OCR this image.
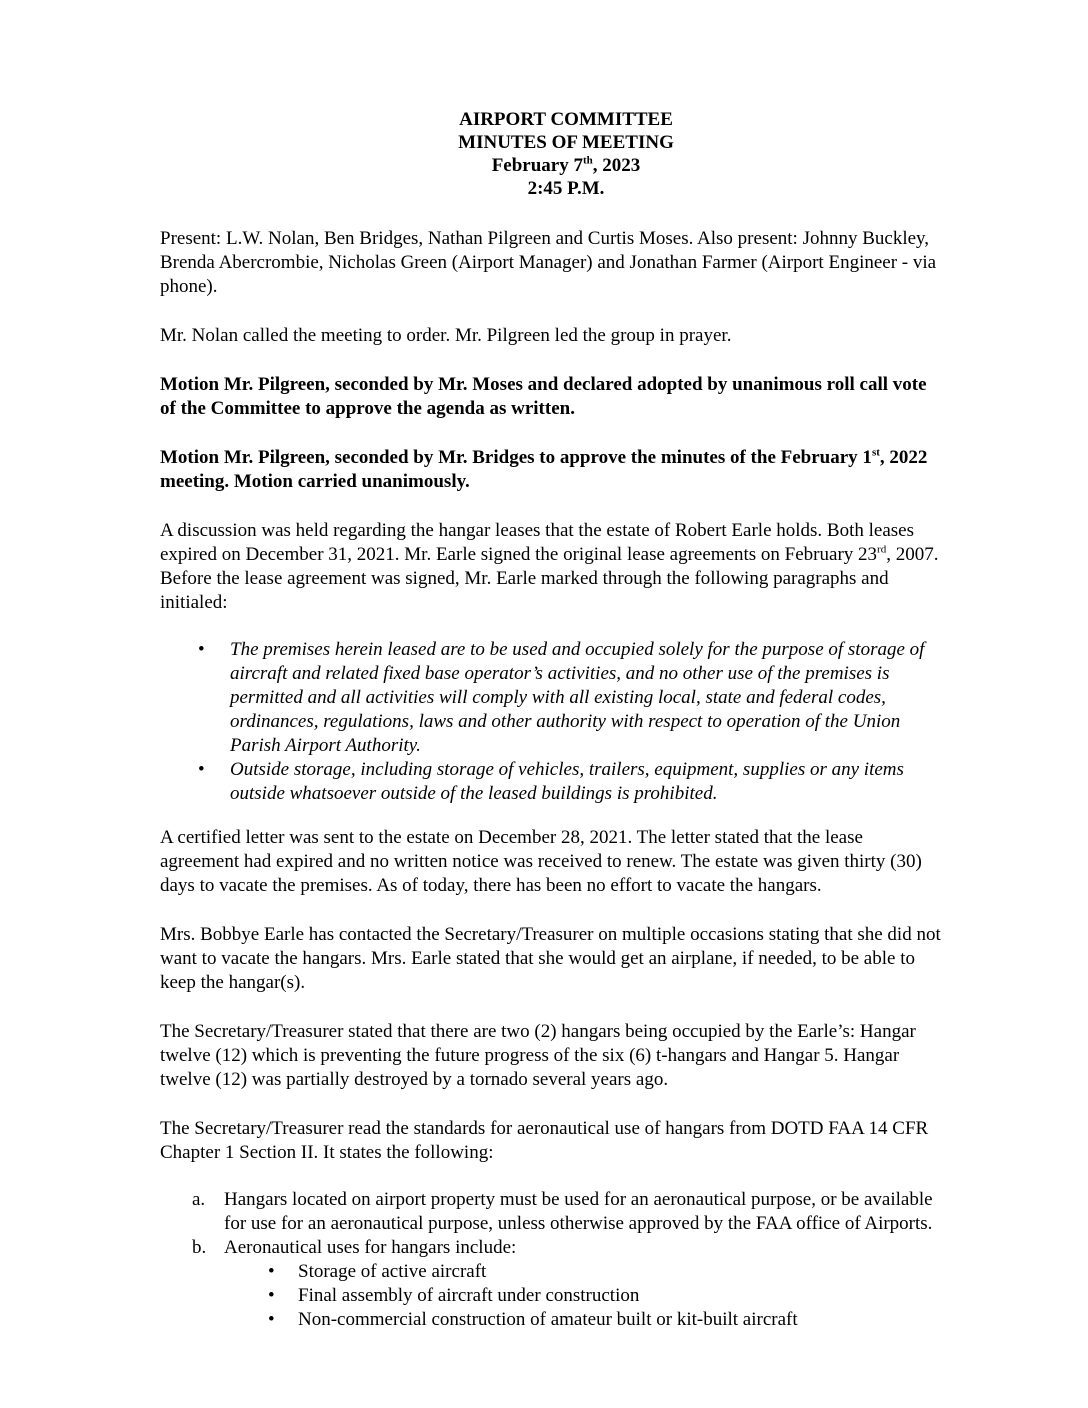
AIRPORT COMMITTEE
MINUTES OF MEETING
February 7th, 2023
2:45 P.M.

Present: L.W. Nolan, Ben Bridges, Nathan Pilgreen and Curtis Moses. Also present: Johnny Buckley, Brenda Abercrombie, Nicholas Green (Airport Manager) and Jonathan Farmer (Airport Engineer - via phone).

Mr. Nolan called the meeting to order. Mr. Pilgreen led the group in prayer.

Motion Mr. Pilgreen, seconded by Mr. Moses and declared adopted by unanimous roll call vote of the Committee to approve the agenda as written.

Motion Mr. Pilgreen, seconded by Mr. Bridges to approve the minutes of the February 1st, 2022 meeting. Motion carried unanimously.

A discussion was held regarding the hangar leases that the estate of Robert Earle holds. Both leases expired on December 31, 2021. Mr. Earle signed the original lease agreements on February 23rd, 2007. Before the lease agreement was signed, Mr. Earle marked through the following paragraphs and initialed:

• The premises herein leased are to be used and occupied solely for the purpose of storage of aircraft and related fixed base operator’s activities, and no other use of the premises is permitted and all activities will comply with all existing local, state and federal codes, ordinances, regulations, laws and other authority with respect to operation of the Union Parish Airport Authority.
• Outside storage, including storage of vehicles, trailers, equipment, supplies or any items outside whatsoever outside of the leased buildings is prohibited.

A certified letter was sent to the estate on December 28, 2021. The letter stated that the lease agreement had expired and no written notice was received to renew. The estate was given thirty (30) days to vacate the premises. As of today, there has been no effort to vacate the hangars.

Mrs. Bobbye Earle has contacted the Secretary/Treasurer on multiple occasions stating that she did not want to vacate the hangars. Mrs. Earle stated that she would get an airplane, if needed, to be able to keep the hangar(s).

The Secretary/Treasurer stated that there are two (2) hangars being occupied by the Earle’s: Hangar twelve (12) which is preventing the future progress of the six (6) t-hangars and Hangar 5. Hangar twelve (12) was partially destroyed by a tornado several years ago.

The Secretary/Treasurer read the standards for aeronautical use of hangars from DOTD FAA 14 CFR Chapter 1 Section II. It states the following:

a. Hangars located on airport property must be used for an aeronautical purpose, or be available for use for an aeronautical purpose, unless otherwise approved by the FAA office of Airports.
b. Aeronautical uses for hangars include:
• Storage of active aircraft
• Final assembly of aircraft under construction
• Non-commercial construction of amateur built or kit-built aircraft
